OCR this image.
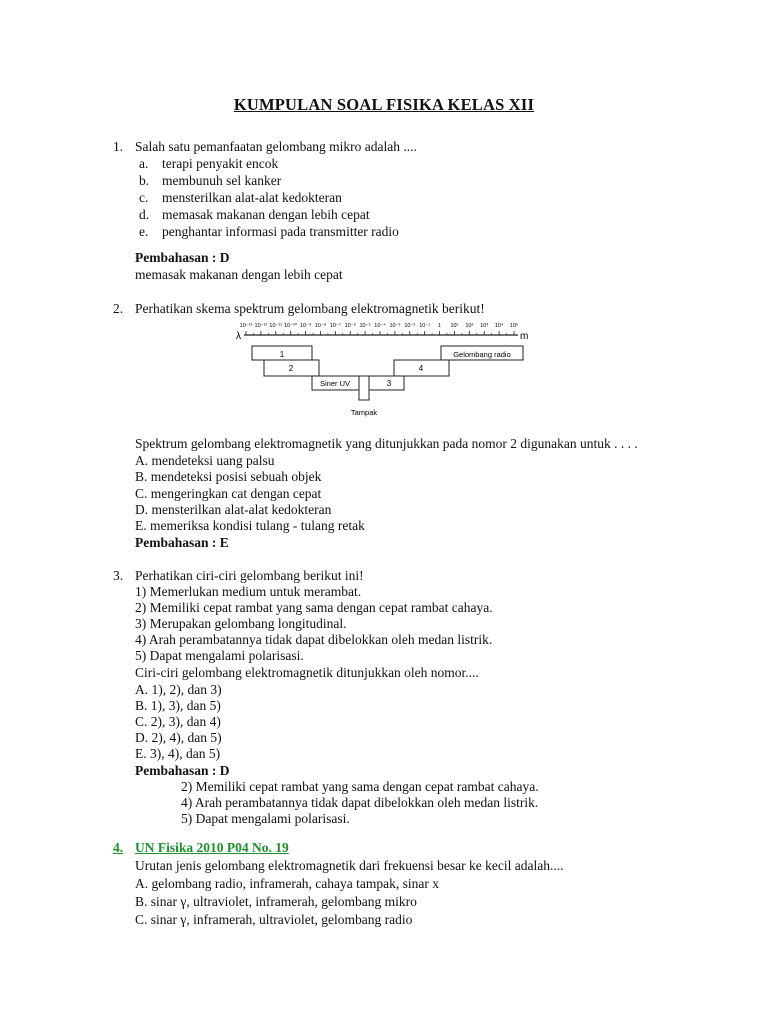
KUMPULAN SOAL FISIKA KELAS XII
1. Salah satu pemanfaatan gelombang mikro adalah ....
a. terapi penyakit encok
b. membunuh sel kanker
c. mensterilkan alat-alat kedokteran
d. memasak makanan dengan lebih cepat
e. penghantar informasi pada transmitter radio
Pembahasan : D
memasak makanan dengan lebih cepat
2. Perhatikan skema spektrum gelombang elektromagnetik berikut!
10⁻¹³ 10⁻¹² 10⁻¹¹ 10⁻¹⁰ 10⁻⁹ 10⁻⁸ 10⁻⁷ 10⁻⁶ 10⁻⁵ 10⁻⁴ 10⁻³ 10⁻² 10⁻¹ 1 10¹ 10² 10³ 10⁴ 10⁵
λ	m
1
2
Siner UV
Tampak
3
4
Gelombang radio
Spektrum gelombang elektromagnetik yang ditunjukkan pada nomor 2 digunakan untuk . . . .
A. mendeteksi uang palsu
B. mendeteksi posisi sebuah objek
C. mengeringkan cat dengan cepat
D. mensterilkan alat-alat kedokteran
E. memeriksa kondisi tulang - tulang retak
Pembahasan : E
3. Perhatikan ciri-ciri gelombang berikut ini!
1) Memerlukan medium untuk merambat.
2) Memiliki cepat rambat yang sama dengan cepat rambat cahaya.
3) Merupakan gelombang longitudinal.
4) Arah perambatannya tidak dapat dibelokkan oleh medan listrik.
5) Dapat mengalami polarisasi.
Ciri-ciri gelombang elektromagnetik ditunjukkan oleh nomor....
A. 1), 2), dan 3)
B. 1), 3), dan 5)
C. 2), 3), dan 4)
D. 2), 4), dan 5)
E. 3), 4), dan 5)
Pembahasan : D
2) Memiliki cepat rambat yang sama dengan cepat rambat cahaya.
4) Arah perambatannya tidak dapat dibelokkan oleh medan listrik.
5) Dapat mengalami polarisasi.
4. UN Fisika 2010 P04 No. 19
Urutan jenis gelombang elektromagnetik dari frekuensi besar ke kecil adalah....
A. gelombang radio, inframerah, cahaya tampak, sinar x
B. sinar γ, ultraviolet, inframerah, gelombang mikro
C. sinar γ, inframerah, ultraviolet, gelombang radio
